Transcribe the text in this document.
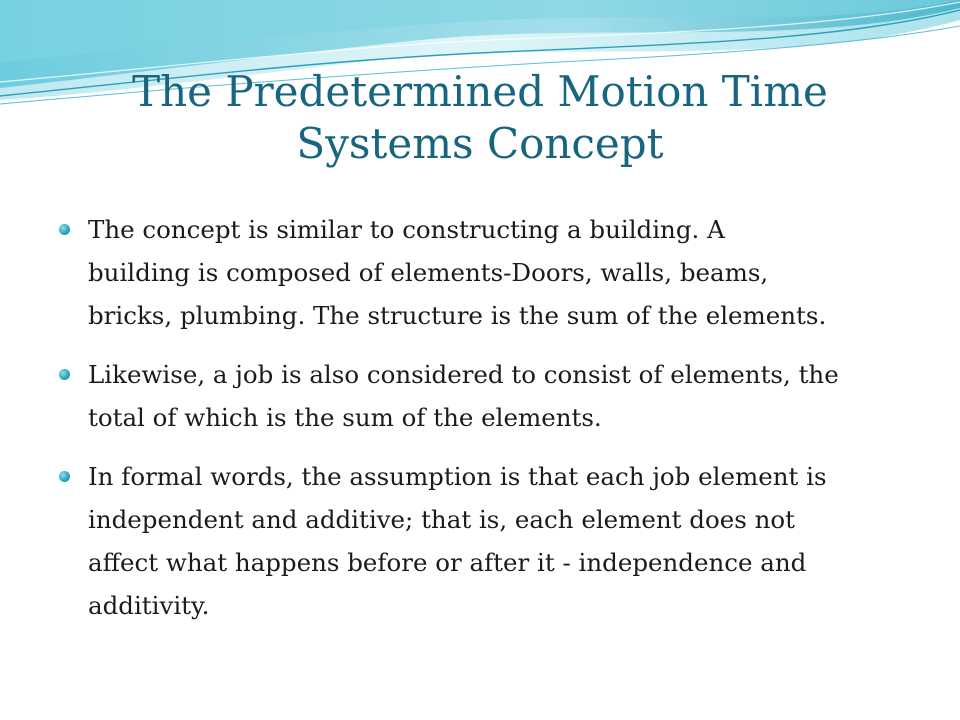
The Predetermined Motion Time
Systems Concept
The concept is similar to constructing a building. A
building is composed of elements-Doors, walls, beams,
bricks, plumbing. The structure is the sum of the elements.
Likewise, a job is also considered to consist of elements, the
total of which is the sum of the elements.
In formal words, the assumption is that each job element is
independent and additive; that is, each element does not
affect what happens before or after it - independence and
additivity.
